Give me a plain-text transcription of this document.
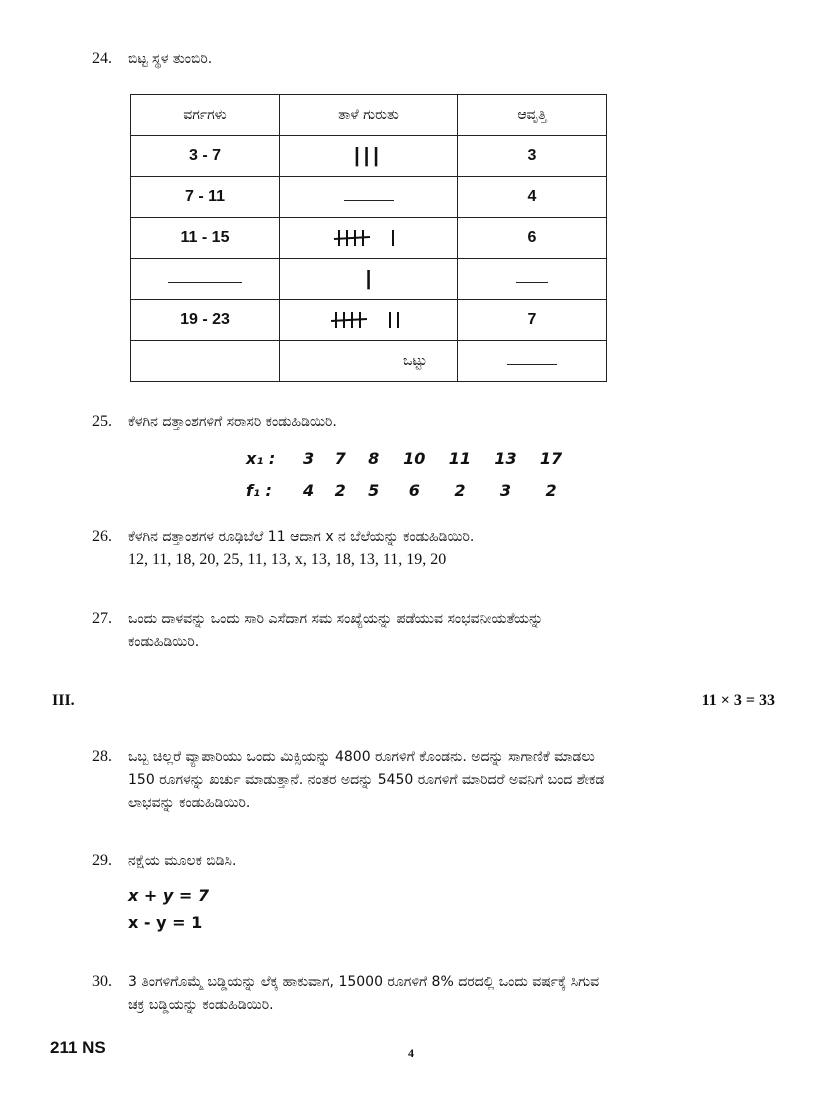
24. ಬಿಟ್ಟ ಸ್ಥಳ ತುಂಬಿರಿ.
ವರ್ಗಗಳು	ತಾಳೆ ಗುರುತು	ಆವೃತ್ತಿ
3 - 7	|||	3
7 - 11		4
11 - 15		6
	|	
19 - 23		7
	ಒಟ್ಟು	
25. ಕೆಳಗಿನ ದತ್ತಾಂಶಗಳಿಗೆ ಸರಾಸರಿ ಕಂಡುಹಿಡಿಯಿರಿ.
x₁ : 3 7 8 10 11 13 17
f₁ : 4 2 5 6 2 3 2
26. ಕೆಳಗಿನ ದತ್ತಾಂಶಗಳ ರೂಢಿಬೆಲೆ 11 ಆದಾಗ x ನ ಬೆಲೆಯನ್ನು ಕಂಡುಹಿಡಿಯಿರಿ.
12, 11, 18, 20, 25, 11, 13, x, 13, 18, 13, 11, 19, 20
27. ಒಂದು ದಾಳವನ್ನು ಒಂದು ಸಾರಿ ಎಸೆದಾಗ ಸಮ ಸಂಖ್ಯೆಯನ್ನು ಪಡೆಯುವ ಸಂಭವನೀಯತೆಯನ್ನು
ಕಂಡುಹಿಡಿಯಿರಿ.
III.	11 × 3 = 33
28. ಒಬ್ಬ ಚಿಲ್ಲರೆ ವ್ಯಾಪಾರಿಯು ಒಂದು ಮಿಕ್ಸಿಯನ್ನು 4800 ರೂಗಳಿಗೆ ಕೊಂಡನು. ಅದನ್ನು ಸಾಗಾಣಿಕೆ ಮಾಡಲು
150 ರೂಗಳನ್ನು ಖರ್ಚು ಮಾಡುತ್ತಾನೆ. ನಂತರ ಅದನ್ನು 5450 ರೂಗಳಿಗೆ ಮಾರಿದರೆ ಅವನಿಗೆ ಬಂದ ಶೇಕಡ
ಲಾಭವನ್ನು ಕಂಡುಹಿಡಿಯಿರಿ.
29. ನಕ್ಷೆಯ ಮೂಲಕ ಬಿಡಿಸಿ.
x + y = 7
x - y = 1
30. 3 ತಿಂಗಳಿಗೊಮ್ಮೆ ಬಡ್ಡಿಯನ್ನು ಲೆಕ್ಕ ಹಾಕುವಾಗ, 15000 ರೂಗಳಿಗೆ 8% ದರದಲ್ಲಿ ಒಂದು ವರ್ಷಕ್ಕೆ ಸಿಗುವ
ಚಕ್ರ ಬಡ್ಡಿಯನ್ನು ಕಂಡುಹಿಡಿಯಿರಿ.
211 NS	4
